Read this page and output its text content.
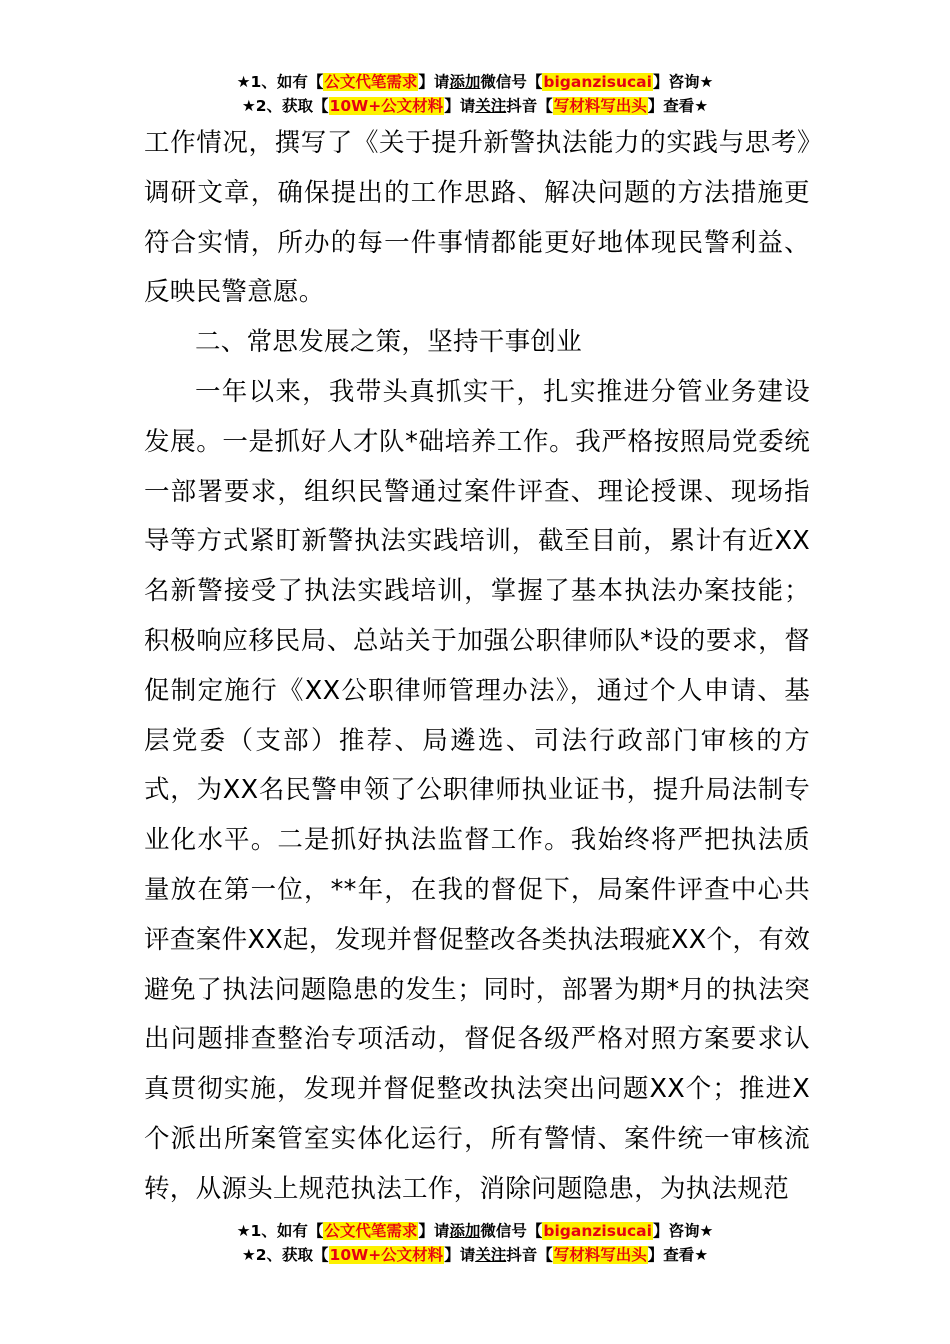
★1、如有【公文代笔需求】请添加微信号【biganzisucai】咨询★
★2、获取【10W+公文材料】请关注抖音【写材料写出头】查看★

工作情况，撰写了《关于提升新警执法能力的实践与思考》调研文章，确保提出的工作思路、解决问题的方法措施更符合实情，所办的每一件事情都能更好地体现民警利益、反映民警意愿。

二、常思发展之策，坚持干事创业

一年以来，我带头真抓实干，扎实推进分管业务建设发展。一是抓好人才队*础培养工作。我严格按照局党委统一部署要求，组织民警通过案件评查、理论授课、现场指导等方式紧盯新警执法实践培训，截至目前，累计有近XX名新警接受了执法实践培训，掌握了基本执法办案技能；积极响应移民局、总站关于加强公职律师队*设的要求，督促制定施行《XX公职律师管理办法》，通过个人申请、基层党委（支部）推荐、局遴选、司法行政部门审核的方式，为XX名民警申领了公职律师执业证书，提升局法制专业化水平。二是抓好执法监督工作。我始终将严把执法质量放在第一位，**年，在我的督促下，局案件评查中心共评查案件XX起，发现并督促整改各类执法瑕疵XX个，有效避免了执法问题隐患的发生；同时，部署为期*月的执法突出问题排查整治专项活动，督促各级严格对照方案要求认真贯彻实施，发现并督促整改执法突出问题XX个；推进X个派出所案管室实体化运行，所有警情、案件统一审核流转，从源头上规范执法工作，消除问题隐患，为执法规范

★1、如有【公文代笔需求】请添加微信号【biganzisucai】咨询★
★2、获取【10W+公文材料】请关注抖音【写材料写出头】查看★
